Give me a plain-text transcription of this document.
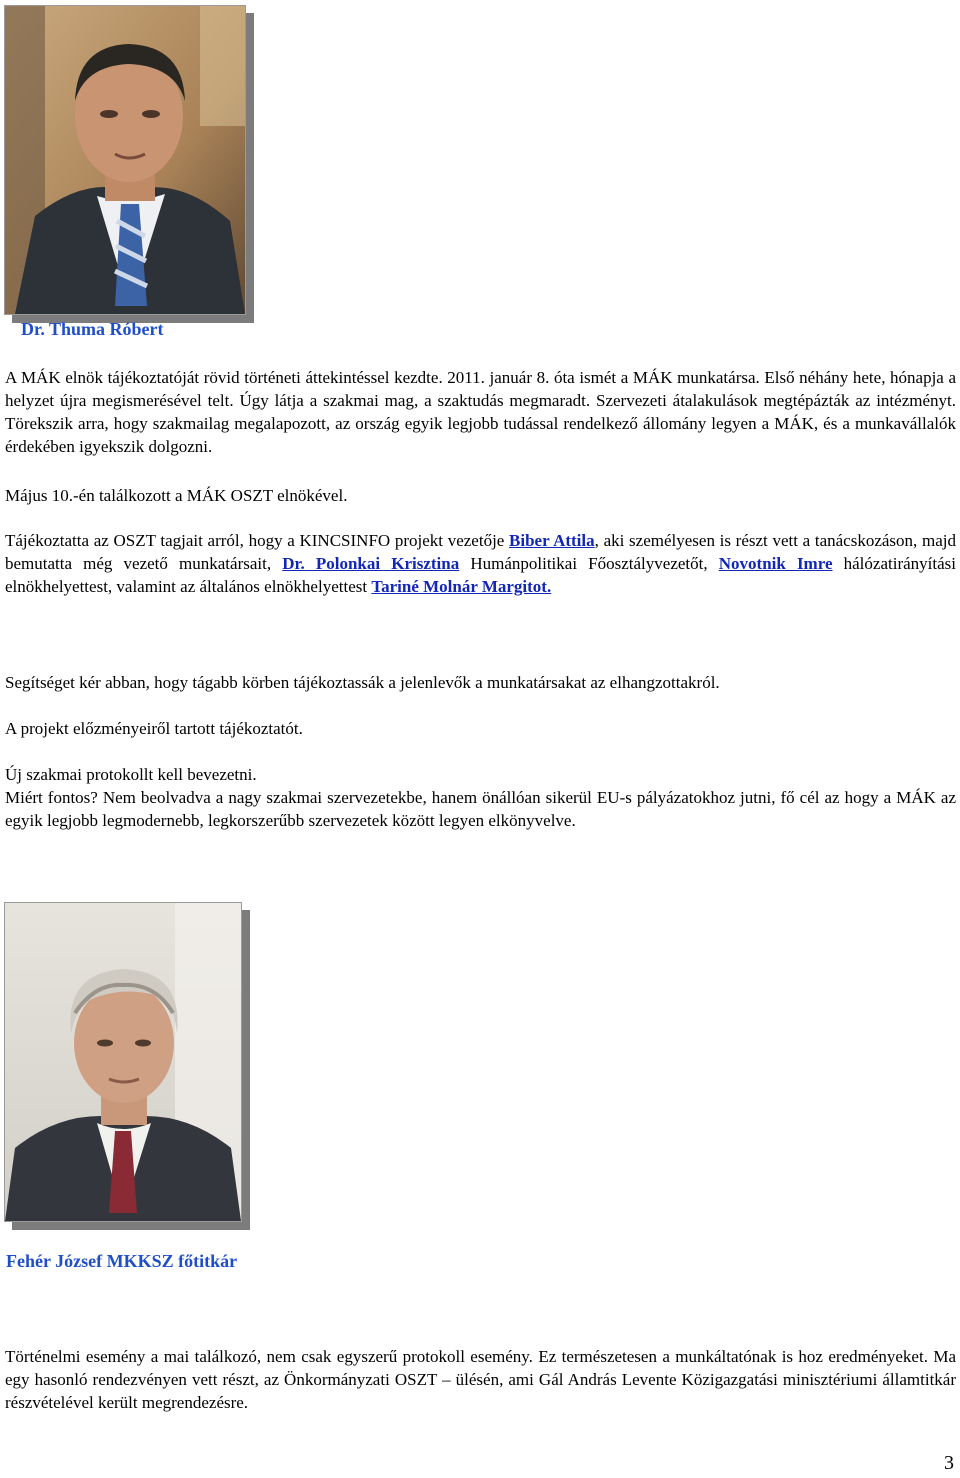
Dr. Thuma Róbert

A MÁK elnök tájékoztatóját rövid történeti áttekintéssel kezdte. 2011. január 8. óta ismét a MÁK munkatársa. Első néhány hete, hónapja a helyzet újra megismerésével telt. Úgy látja a szakmai mag, a szaktudás megmaradt. Szervezeti átalakulások megtépázták az intézményt. Törekszik arra, hogy szakmailag megalapozott, az ország egyik legjobb tudással rendelkező állomány legyen a MÁK, és a munkavállalók érdekében igyekszik dolgozni.

Május 10.-én találkozott a MÁK OSZT elnökével.

Tájékoztatta az OSZT tagjait arról, hogy a KINCSINFO projekt vezetője Biber Attila, aki személyesen is részt vett a tanácskozáson, majd bemutatta még vezető munkatársait, Dr. Polonkai Krisztina Humánpolitikai Főosztályvezetőt, Novotnik Imre hálózatirányítási elnökhelyettest, valamint az általános elnökhelyettest Tariné Molnár Margitot.

Segítséget kér abban, hogy tágabb körben tájékoztassák a jelenlevők a munkatársakat az elhangzottakról.

A projekt előzményeiről tartott tájékoztatót.

Új szakmai protokollt kell bevezetni.
Miért fontos? Nem beolvadva a nagy szakmai szervezetekbe, hanem önállóan sikerül EU-s pályázatokhoz jutni, fő cél az hogy a MÁK az egyik legjobb legmodernebb, legkorszerűbb szervezetek között legyen elkönyvelve.
Fehér József MKKSZ főtitkár

Történelmi esemény a mai találkozó, nem csak egyszerű protokoll esemény. Ez természetesen a munkáltatónak is hoz eredményeket. Ma egy hasonló rendezvényen vett részt, az Önkormányzati OSZT – ülésén, ami Gál András Levente Közigazgatási minisztériumi államtitkár részvételével került megrendezésre.

3
